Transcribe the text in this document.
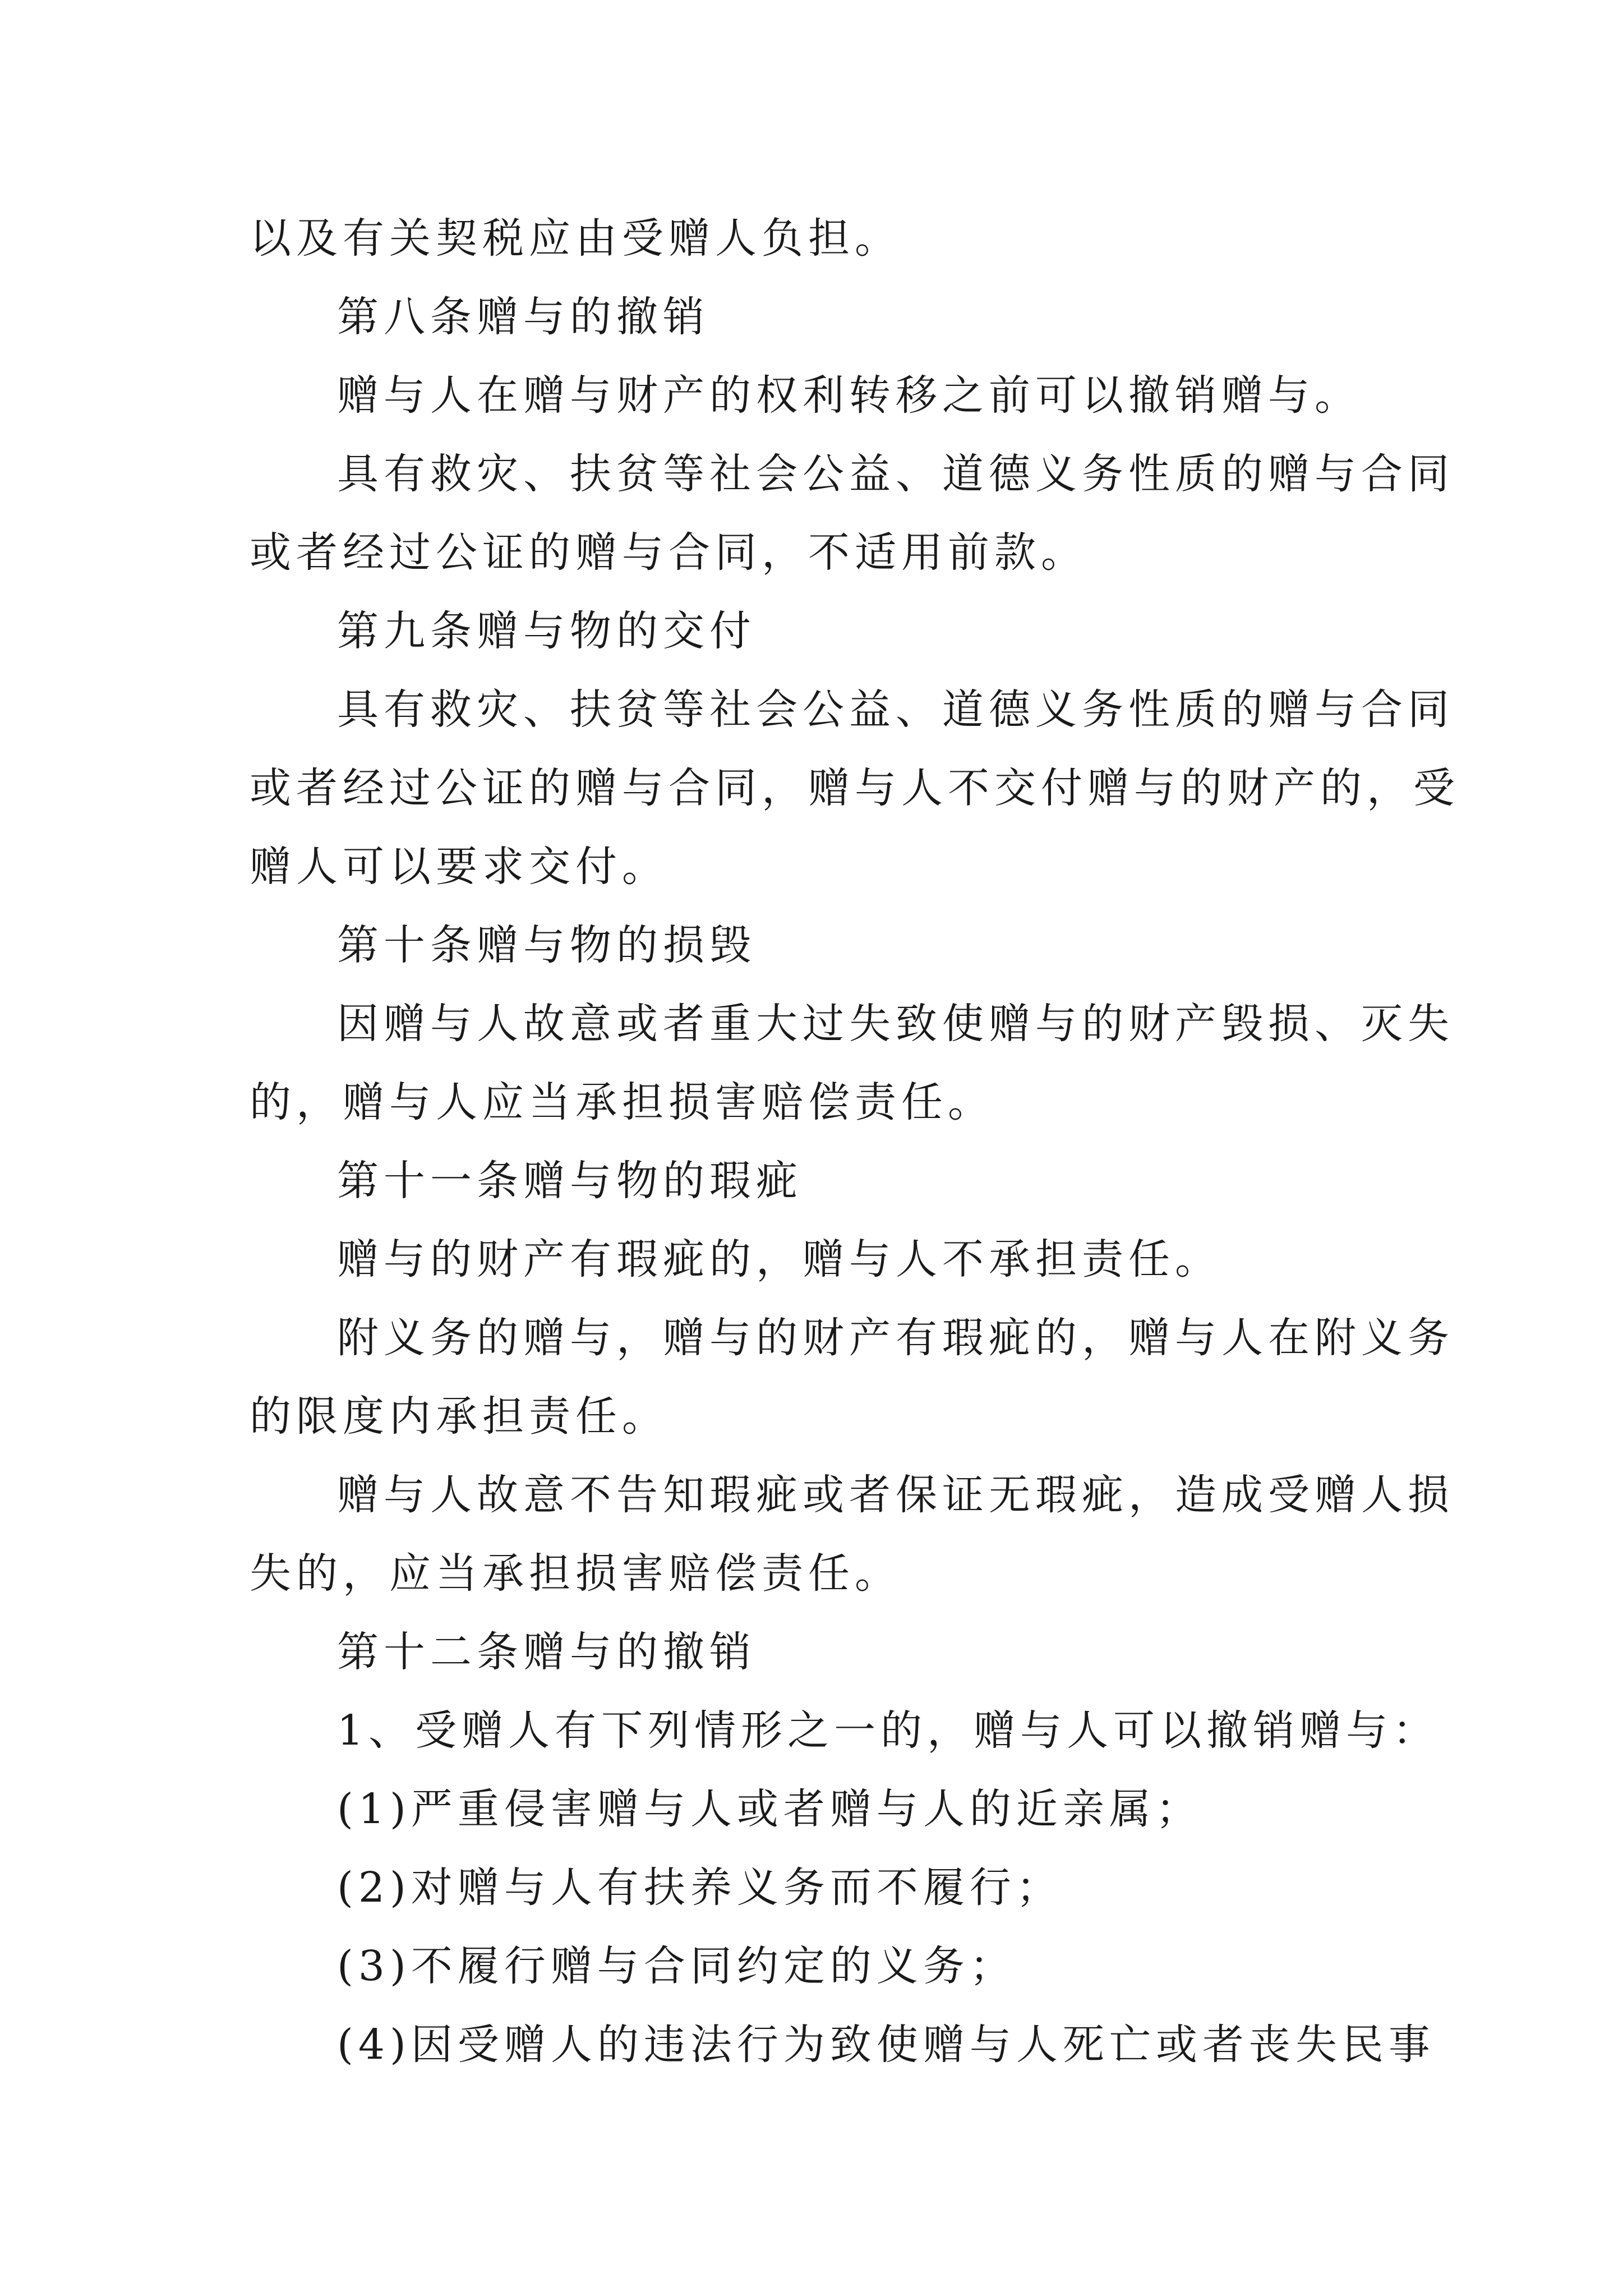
以及有关契税应由受赠人负担。
第八条赠与的撤销
赠与人在赠与财产的权利转移之前可以撤销赠与。
具有救灾、扶贫等社会公益、道德义务性质的赠与合同
或者经过公证的赠与合同，不适用前款。
第九条赠与物的交付
具有救灾、扶贫等社会公益、道德义务性质的赠与合同
或者经过公证的赠与合同，赠与人不交付赠与的财产的，受
赠人可以要求交付。
第十条赠与物的损毁
因赠与人故意或者重大过失致使赠与的财产毁损、灭失
的，赠与人应当承担损害赔偿责任。
第十一条赠与物的瑕疵
赠与的财产有瑕疵的，赠与人不承担责任。
附义务的赠与，赠与的财产有瑕疵的，赠与人在附义务
的限度内承担责任。
赠与人故意不告知瑕疵或者保证无瑕疵，造成受赠人损
失的，应当承担损害赔偿责任。
第十二条赠与的撤销
1、受赠人有下列情形之一的，赠与人可以撤销赠与：
(1)严重侵害赠与人或者赠与人的近亲属；
(2)对赠与人有扶养义务而不履行；
(3)不履行赠与合同约定的义务；
(4)因受赠人的违法行为致使赠与人死亡或者丧失民事
